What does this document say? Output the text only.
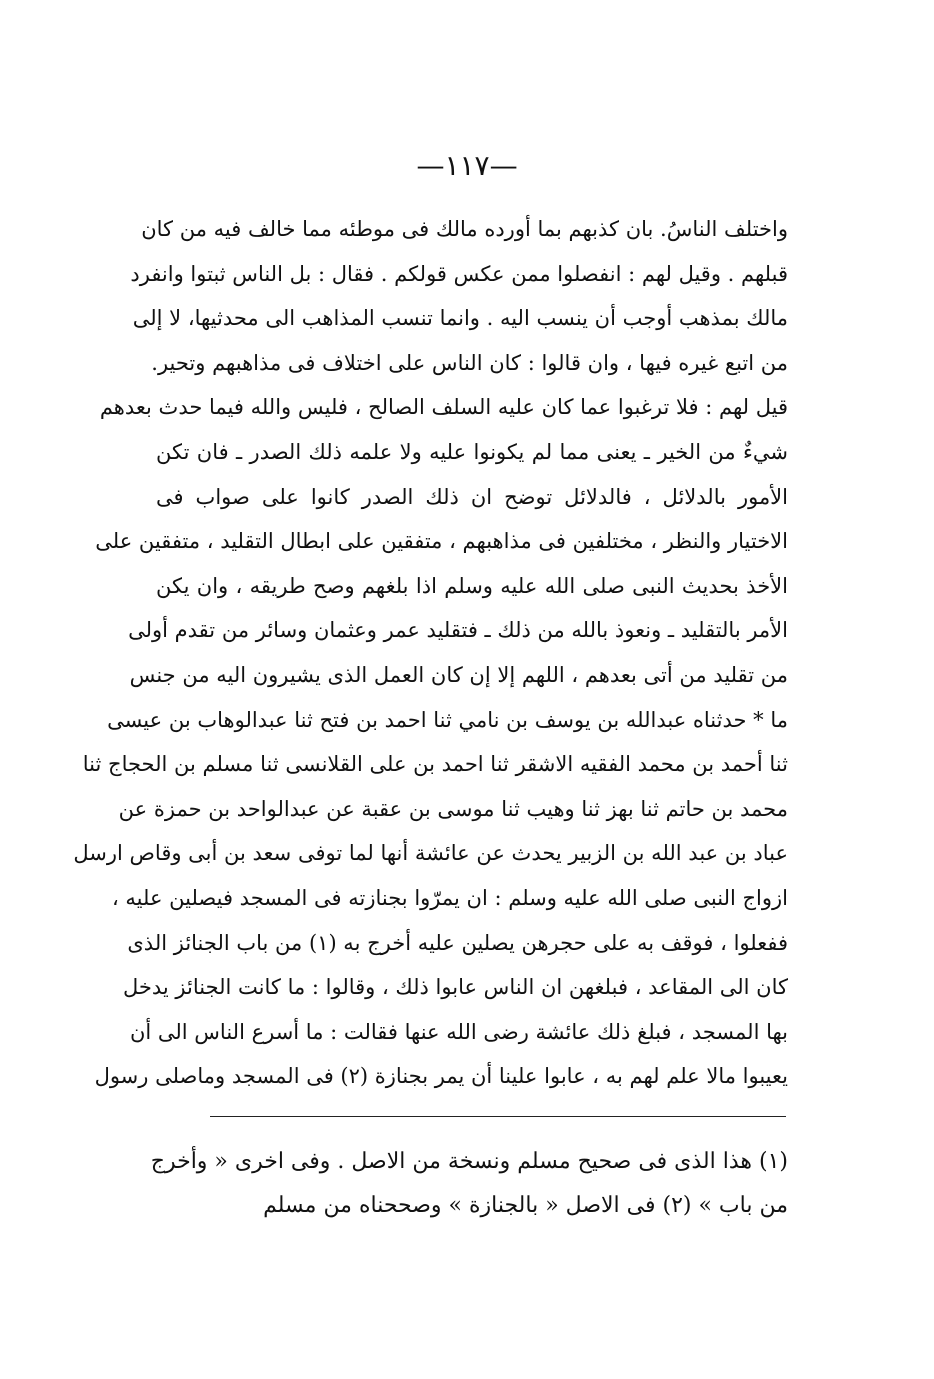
—١١٧—
واختلف الناسُ. بان كذبهم بما أورده مالك فى موطئه مما خالف فيه من كان
قبلهم . وقيل لهم : انفصلوا ممن عكس قولكم . فقال : بل الناس ثبتوا وانفرد
مالك بمذهب أوجب أن ينسب اليه . وانما تنسب المذاهب الى محدثيها، لا إلى
من اتبع غيره فيها ، وان قالوا : كان الناس على اختلاف فى مذاهبهم وتحير.
قيل لهم : فلا ترغبوا عما كان عليه السلف الصالح ، فليس والله فيما حدث بعدهم
شيءٌ من الخير ـ يعنى مما لم يكونوا عليه ولا علمه ذلك الصدر ـ فان تكن
الأمور بالدلائل ، فالدلائل توضح ان ذلك الصدر كانوا على صواب فى
الاختيار والنظر ، مختلفين فى مذاهبهم ، متفقين على ابطال التقليد ، متفقين على
الأخذ بحديث النبى صلى الله عليه وسلم اذا بلغهم وصح طريقه ، وان يكن
الأمر بالتقليد ـ ونعوذ بالله من ذلك ـ فتقليد عمر وعثمان وسائر من تقدم أولى
من تقليد من أتى بعدهم ، اللهم إلا إن كان العمل الذى يشيرون اليه من جنس
ما * حدثناه عبدالله بن يوسف بن نامي ثنا احمد بن فتح ثنا عبدالوهاب بن عيسى
ثنا أحمد بن محمد الفقيه الاشقر ثنا احمد بن على القلانسى ثنا مسلم بن الحجاج ثنا
محمد بن حاتم ثنا بهز ثنا وهيب ثنا موسى بن عقبة عن عبدالواحد بن حمزة عن
عباد بن عبد الله بن الزبير يحدث عن عائشة أنها لما توفى سعد بن أبى وقاص ارسل
ازواج النبى صلى الله عليه وسلم : ان يمرّوا بجنازته فى المسجد فيصلين عليه ،
ففعلوا ، فوقف به على حجرهن يصلين عليه أخرج به (١) من باب الجنائز الذى
كان الى المقاعد ، فبلغهن ان الناس عابوا ذلك ، وقالوا : ما كانت الجنائز يدخل
بها المسجد ، فبلغ ذلك عائشة رضى الله عنها فقالت : ما أسرع الناس الى أن
يعيبوا مالا علم لهم به ، عابوا علينا أن يمر بجنازة (٢) فى المسجد وماصلى رسول
(١) هذا الذى فى صحيح مسلم ونسخة من الاصل . وفى اخرى « وأخرج
من باب » (٢) فى الاصل « بالجنازة » وصححناه من مسلم
